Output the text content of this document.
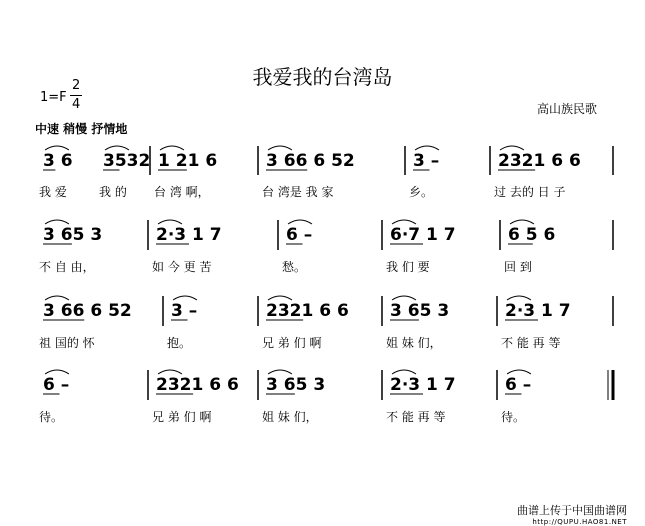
我爱我的台湾岛
1=F
2
4	高山族民歌
中速 稍慢 抒情地
3 6
我 爱
3532
我 的
1 21 6
台 湾 啊，
3 66 6 52
台 湾是 我 家
3 –
乡。
2321 6 6
过 去的 日 子
3 65 3
不 自 由，
2·3 1 7
如 今 更 苦
6 –
愁。
6·7 1 7
我 们 要
6 5 6
回 到
3 66 6 52
祖 国的 怀
3 –
抱。
2321 6 6
兄 弟 们 啊
3 65 3
姐 妹 们，
2·3 1 7
不 能 再 等
6 –
待。
2321 6 6
兄 弟 们 啊
3 65 3
姐 妹 们，
2·3 1 7
不 能 再 等
6 –
待。
曲谱上传于中国曲谱网
http://QUPU.HAO81.NET
